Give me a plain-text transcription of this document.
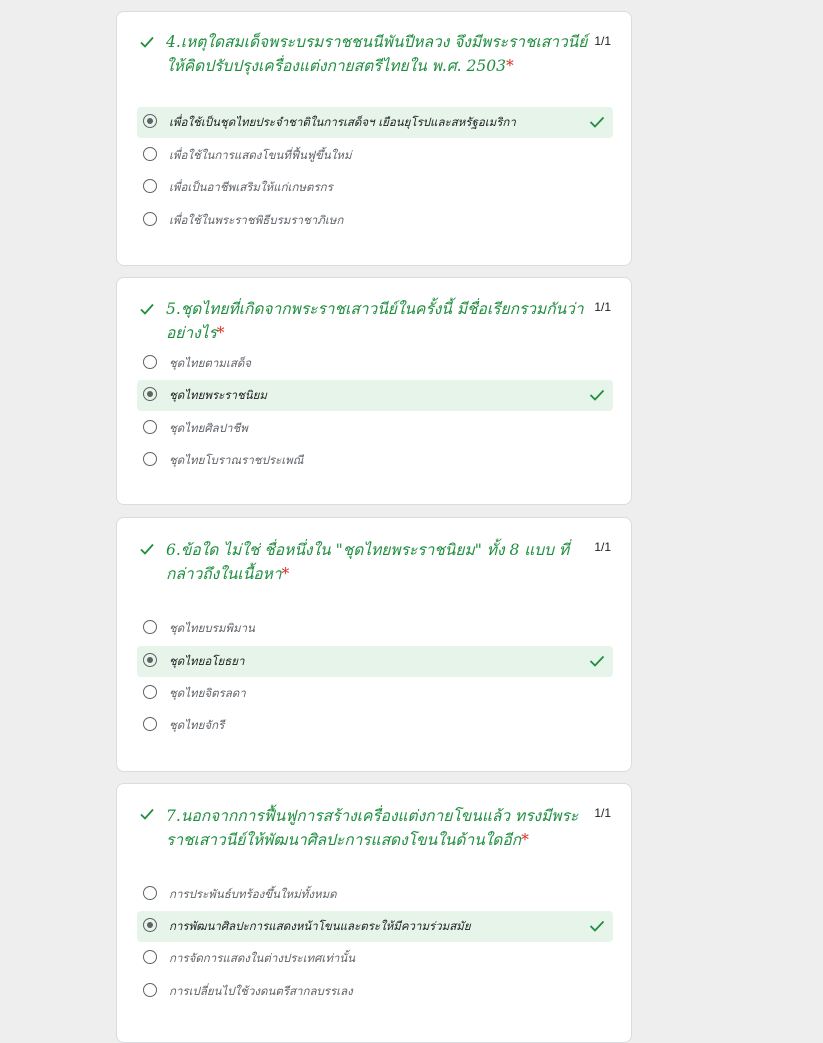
4.เหตุใดสมเด็จพระบรมราชชนนีพันปีหลวง จึงมีพระราชเสาวนีย์ให้คิดปรับปรุงเครื่องแต่งกายสตรีไทยใน พ.ศ. 2503*
1/1
เพื่อใช้เป็นชุดไทยประจำชาติในการเสด็จฯ เยือนยุโรปและสหรัฐอเมริกา
เพื่อใช้ในการแสดงโขนที่ฟื้นฟูขึ้นใหม่
เพื่อเป็นอาชีพเสริมให้แก่เกษตรกร
เพื่อใช้ในพระราชพิธีบรมราชาภิเษก
5.ชุดไทยที่เกิดจากพระราชเสาวนีย์ในครั้งนี้ มีชื่อเรียกรวมกันว่าอย่างไร*
1/1
ชุดไทยตามเสด็จ
ชุดไทยพระราชนิยม
ชุดไทยศิลปาชีพ
ชุดไทยโบราณราชประเพณี
6.ข้อใด ไม่ใช่ ชื่อหนึ่งใน "ชุดไทยพระราชนิยม" ทั้ง 8 แบบ ที่กล่าวถึงในเนื้อหา*
1/1
ชุดไทยบรมพิมาน
ชุดไทยอโยธยา
ชุดไทยจิตรลดา
ชุดไทยจักรี
7.นอกจากการฟื้นฟูการสร้างเครื่องแต่งกายโขนแล้ว ทรงมีพระราชเสาวนีย์ให้พัฒนาศิลปะการแสดงโขนในด้านใดอีก*
1/1
การประพันธ์บทร้องขึ้นใหม่ทั้งหมด
การพัฒนาศิลปะการแสดงหน้าโขนและตระให้มีความร่วมสมัย
การจัดการแสดงในต่างประเทศเท่านั้น
การเปลี่ยนไปใช้วงดนตรีสากลบรรเลง
